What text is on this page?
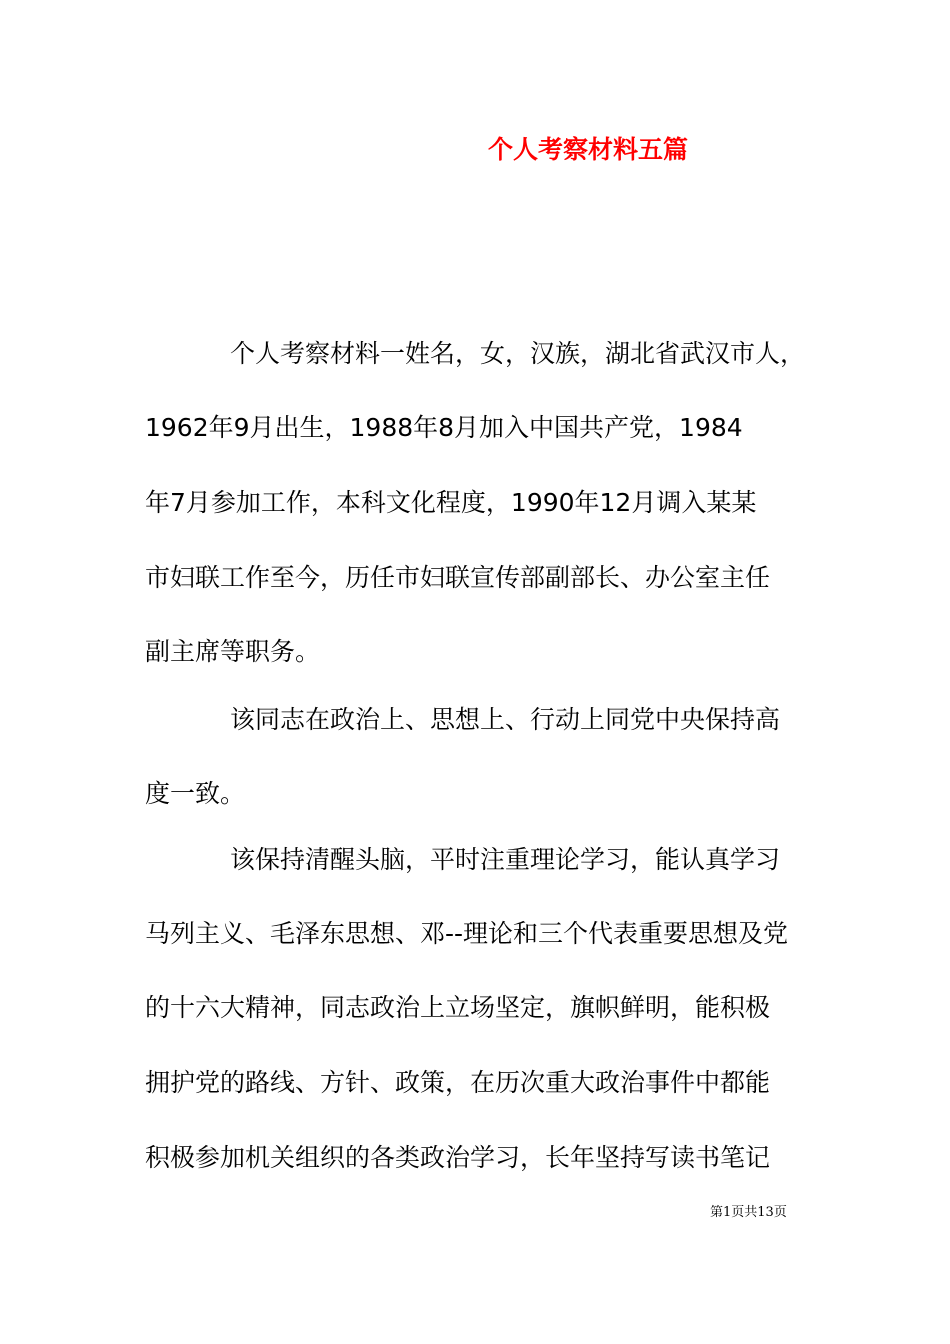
个人考察材料五篇
个人考察材料一姓名，女，汉族，湖北省武汉市人，
1962年9月出生，1988年8月加入中国共产党，1984
年7月参加工作，本科文化程度，1990年12月调入某某
市妇联工作至今，历任市妇联宣传部副部长、办公室主任
副主席等职务。
该同志在政治上、思想上、行动上同党中央保持高
度一致。
该保持清醒头脑，平时注重理论学习，能认真学习
马列主义、毛泽东思想、邓--理论和三个代表重要思想及党
的十六大精神，同志政治上立场坚定，旗帜鲜明，能积极
拥护党的路线、方针、政策，在历次重大政治事件中都能
积极参加机关组织的各类政治学习，长年坚持写读书笔记
第1页共13页
